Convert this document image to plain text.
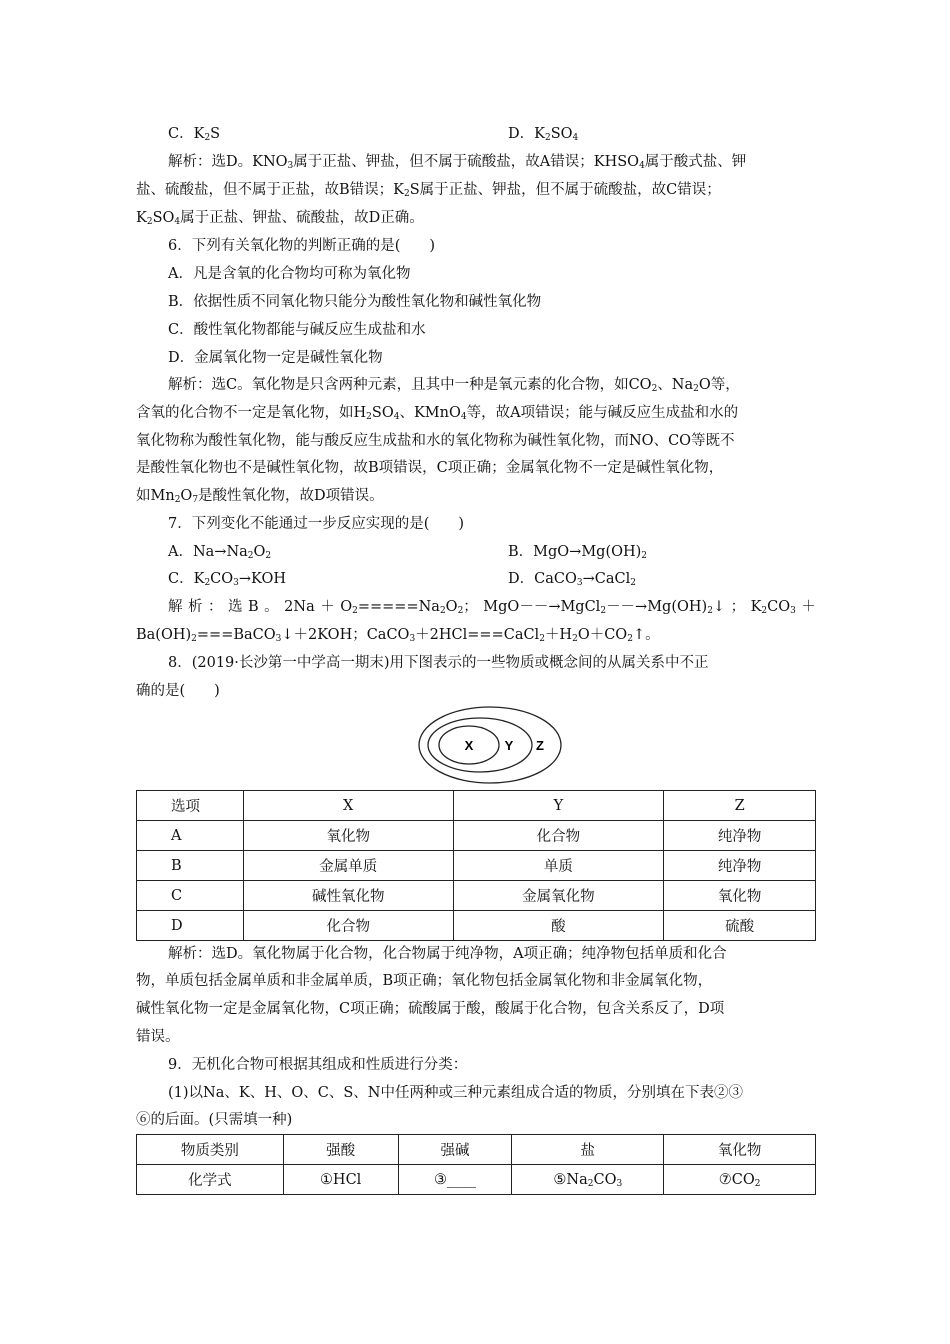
C．$K_2S$	D．$K_2SO_4$
解析：选D。$KNO_3$属于正盐、钾盐，但不属于硫酸盐，故A错误；$KHSO_4$属于酸式盐、钾
盐、硫酸盐，但不属于正盐，故B错误；$K_2S$属于正盐、钾盐，但不属于硫酸盐，故C错误；
$K_2SO_4$属于正盐、钾盐、硫酸盐，故D正确。
6．下列有关氧化物的判断正确的是(　　)
A．凡是含氧的化合物均可称为氧化物
B．依据性质不同氧化物只能分为酸性氧化物和碱性氧化物
C．酸性氧化物都能与碱反应生成盐和水
D．金属氧化物一定是碱性氧化物
解析：选C。氧化物是只含两种元素，且其中一种是氧元素的化合物，如$CO_2$、$Na_2O$等，
含氧的化合物不一定是氧化物，如$H_2SO_4$、KMnO$_4$等，故A项错误；能与碱反应生成盐和水的
氧化物称为酸性氧化物，能与酸反应生成盐和水的氧化物称为碱性氧化物，而NO、CO等既不
是酸性氧化物也不是碱性氧化物，故B项错误，C项正确；金属氧化物不一定是碱性氧化物，
如$Mn_2O_7$是酸性氧化物，故D项错误。
7．下列变化不能通过一步反应实现的是(　　)
A．$Na\to Na_2O_2$	B．$MgO\to Mg(OH)_2$
C．$K_2CO_3\to KOH$	D．CaCO$_3$→CaCl$_2$
解 析 ： 选 B 。 $2Na + O_2=====Na_2O_2$； $MgO--\to MgCl_2--\to Mg(OH)_2↓$ ； $K_2CO_3$ ＋
$Ba(OH)_2===BaCO_3↓+2KOH$；$CaCO_3+2HCl===CaCl_2+H_2O+CO_2↑$。
8．(2019·长沙第一中学高一期末)用下图表示的一些物质或概念间的从属关系中不正
确的是(　　)
X Y Z
选项	X	Y	Z
A	氧化物	化合物	纯净物
B	金属单质	单质	纯净物
C	碱性氧化物	金属氧化物	氧化物
D	化合物	酸	硫酸
解析：选D。氧化物属于化合物，化合物属于纯净物，A项正确；纯净物包括单质和化合
物，单质包括金属单质和非金属单质，B项正确；氧化物包括金属氧化物和非金属氧化物，
碱性氧化物一定是金属氧化物，C项正确；硫酸属于酸，酸属于化合物，包含关系反了，D项
错误。
9．无机化合物可根据其组成和性质进行分类：
(1)以Na、K、H、O、C、S、N中任两种或三种元素组成合适的物质，分别填在下表②③
⑥的后面。(只需填一种)
物质类别	强酸	强碱	盐	氧化物
化学式	①HCl	③____	$⑤Na_2CO_3$	$⑦CO_2$
